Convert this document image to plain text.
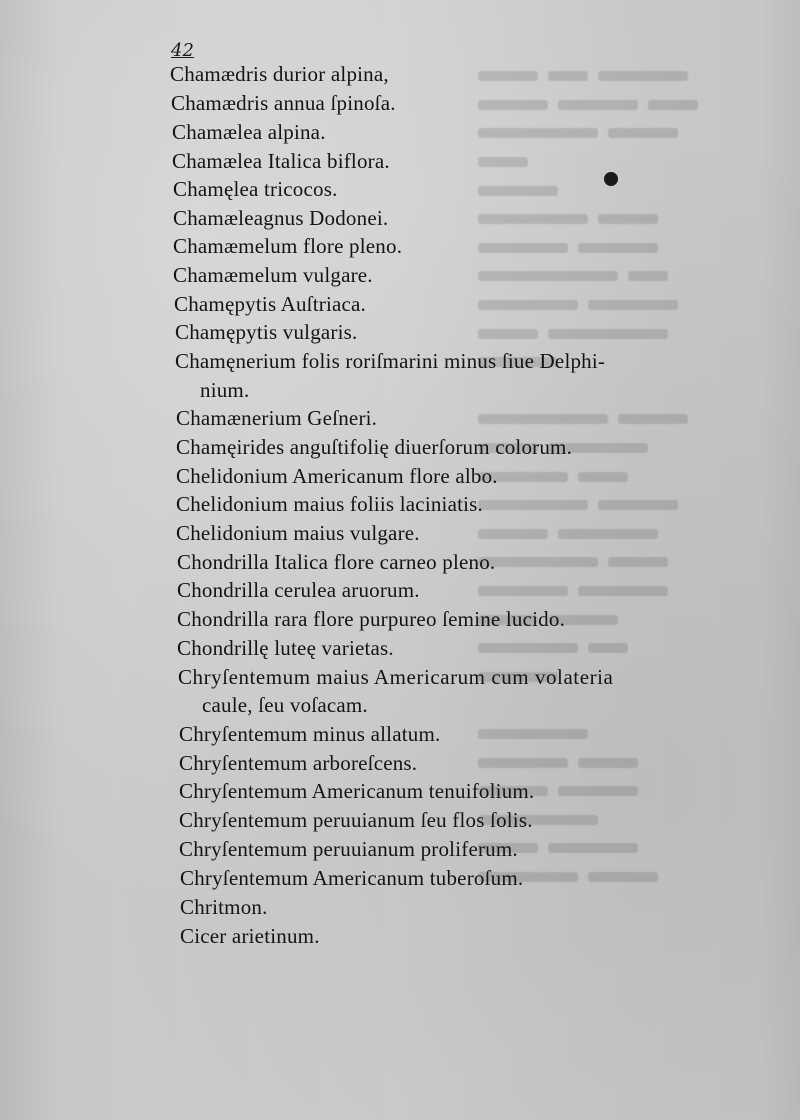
42
Chamædris durior alpina,
Chamædris annua ſpinoſa.
Chamælea alpina.
Chamælea Italica biflora.
Chamęlea tricocos.
Chamæleagnus Dodonei.
Chamæmelum flore pleno.
Chamæmelum vulgare.
Chamępytis Auſtriaca.
Chamępytis vulgaris.
Chamęnerium folis roriſmarini minus ſiue Delphi-
nium.
Chamænerium Geſneri.
Chamęirides anguſtifolię diuerſorum colorum.
Chelidonium Americanum flore albo.
Chelidonium maius foliis laciniatis.
Chelidonium maius vulgare.
Chondrilla Italica flore carneo pleno.
Chondrilla cerulea aruorum.
Chondrilla rara flore purpureo ſemine lucido.
Chondrillę luteę varietas.
Chryſentemum maius Americarum cum volateria
caule, ſeu voſacam.
Chryſentemum minus allatum.
Chryſentemum arboreſcens.
Chryſentemum Americanum tenuifolium.
Chryſentemum peruuianum ſeu flos ſolis.
Chryſentemum peruuianum proliferum.
Chryſentemum Americanum tuberoſum.
Chritmon.
Cicer arietinum.
